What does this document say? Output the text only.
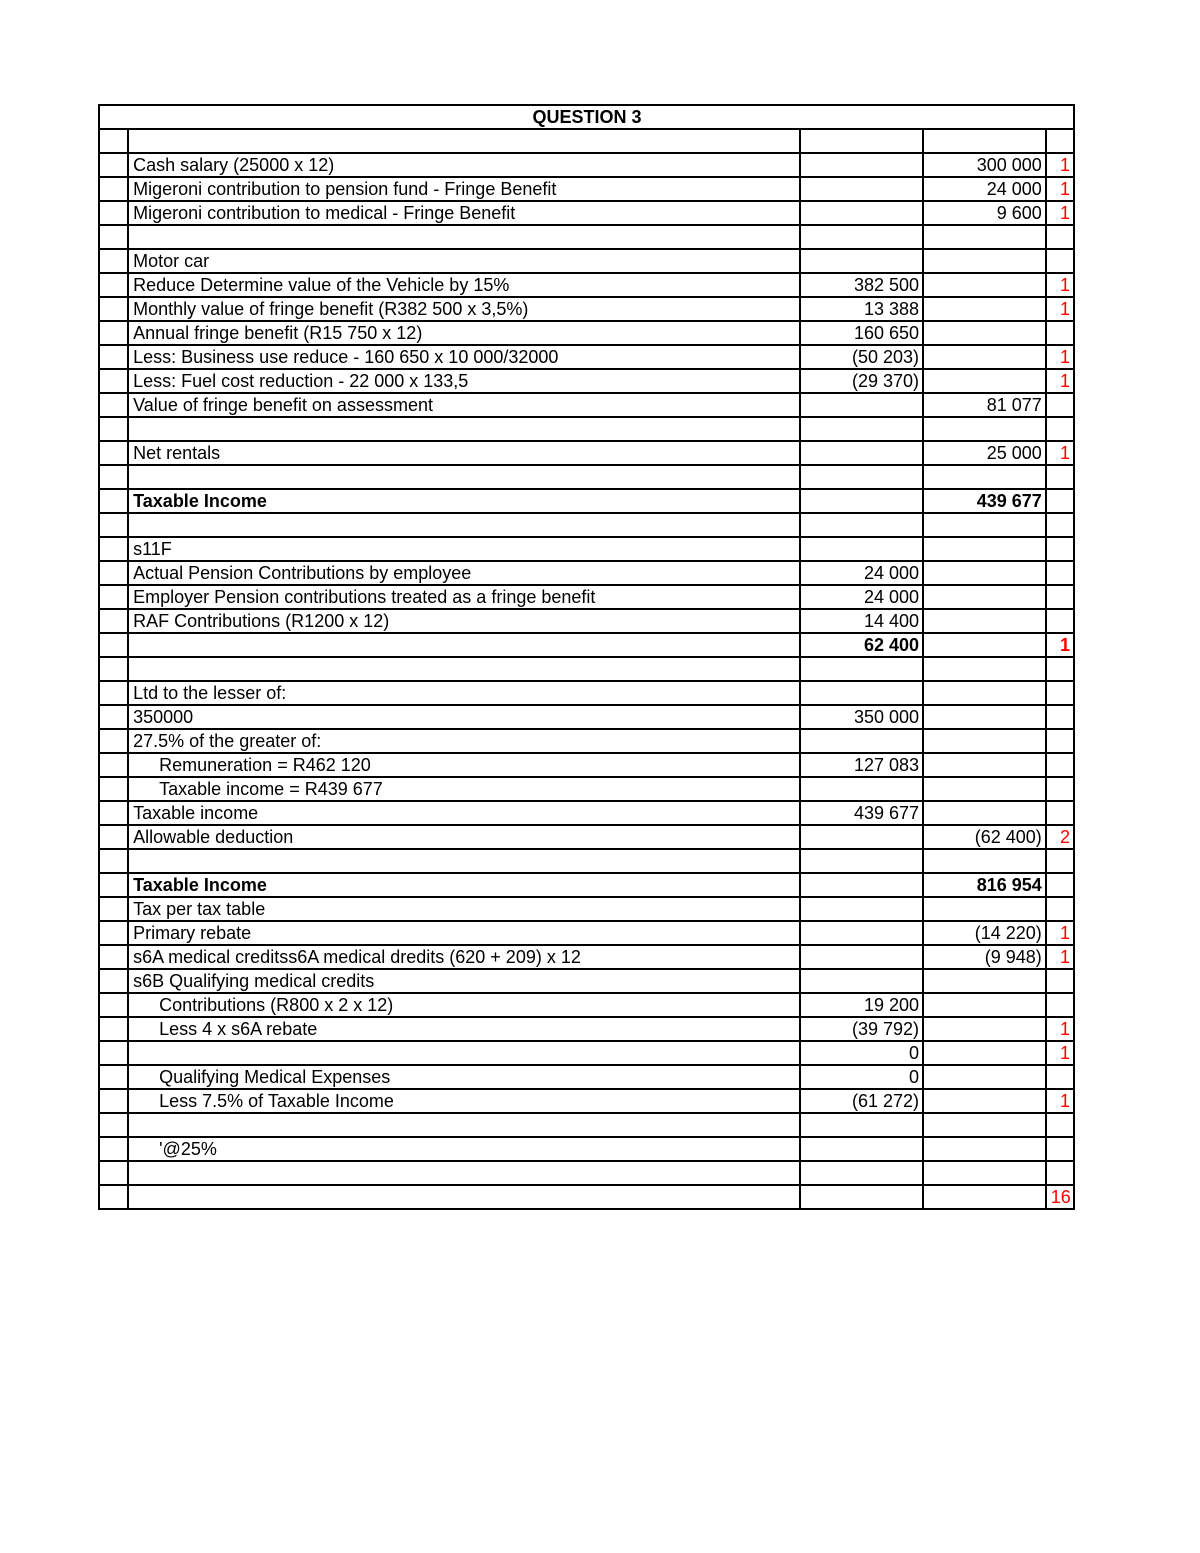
QUESTION 3				

	Cash salary (25000 x 12)		300 000	1
	Migeroni contribution to pension fund - Fringe Benefit		24 000	1
	Migeroni contribution to medical - Fringe Benefit		9 600	1

	Motor car			
	Reduce Determine value of the Vehicle by 15%	382 500		1
	Monthly value of fringe benefit (R382 500 x 3,5%)	13 388		1
	Annual fringe benefit (R15 750 x 12)	160 650		
	Less: Business use reduce - 160 650 x 10 000/32000	(50 203)		1
	Less: Fuel cost reduction - 22 000 x 133,5	(29 370)		1
	Value of fringe benefit on assessment		81 077	

	Net rentals		25 000	1

	Taxable Income		439 677	

	s11F			
	Actual Pension Contributions by employee	24 000		
	Employer Pension contributions treated as a fringe benefit	24 000		
	RAF Contributions (R1200 x 12)	14 400		
		62 400		1

	Ltd to the lesser of:			
	350000	350 000		
	27.5% of the greater of:			
	Remuneration = R462 120	127 083		
	Taxable income = R439 677			
	Taxable income	439 677		
	Allowable deduction		(62 400)	2

	Taxable Income		816 954	
	Tax per tax table			
	Primary rebate		(14 220)	1
	s6A medical creditss6A medical dredits (620 + 209) x 12		(9 948)	1
	s6B Qualifying medical credits			
	Contributions (R800 x 2 x 12)	19 200		
	Less 4 x s6A rebate	(39 792)		1
		0		1
	Qualifying Medical Expenses	0		
	Less 7.5% of Taxable Income	(61 272)		1

	'@25%			

				16
